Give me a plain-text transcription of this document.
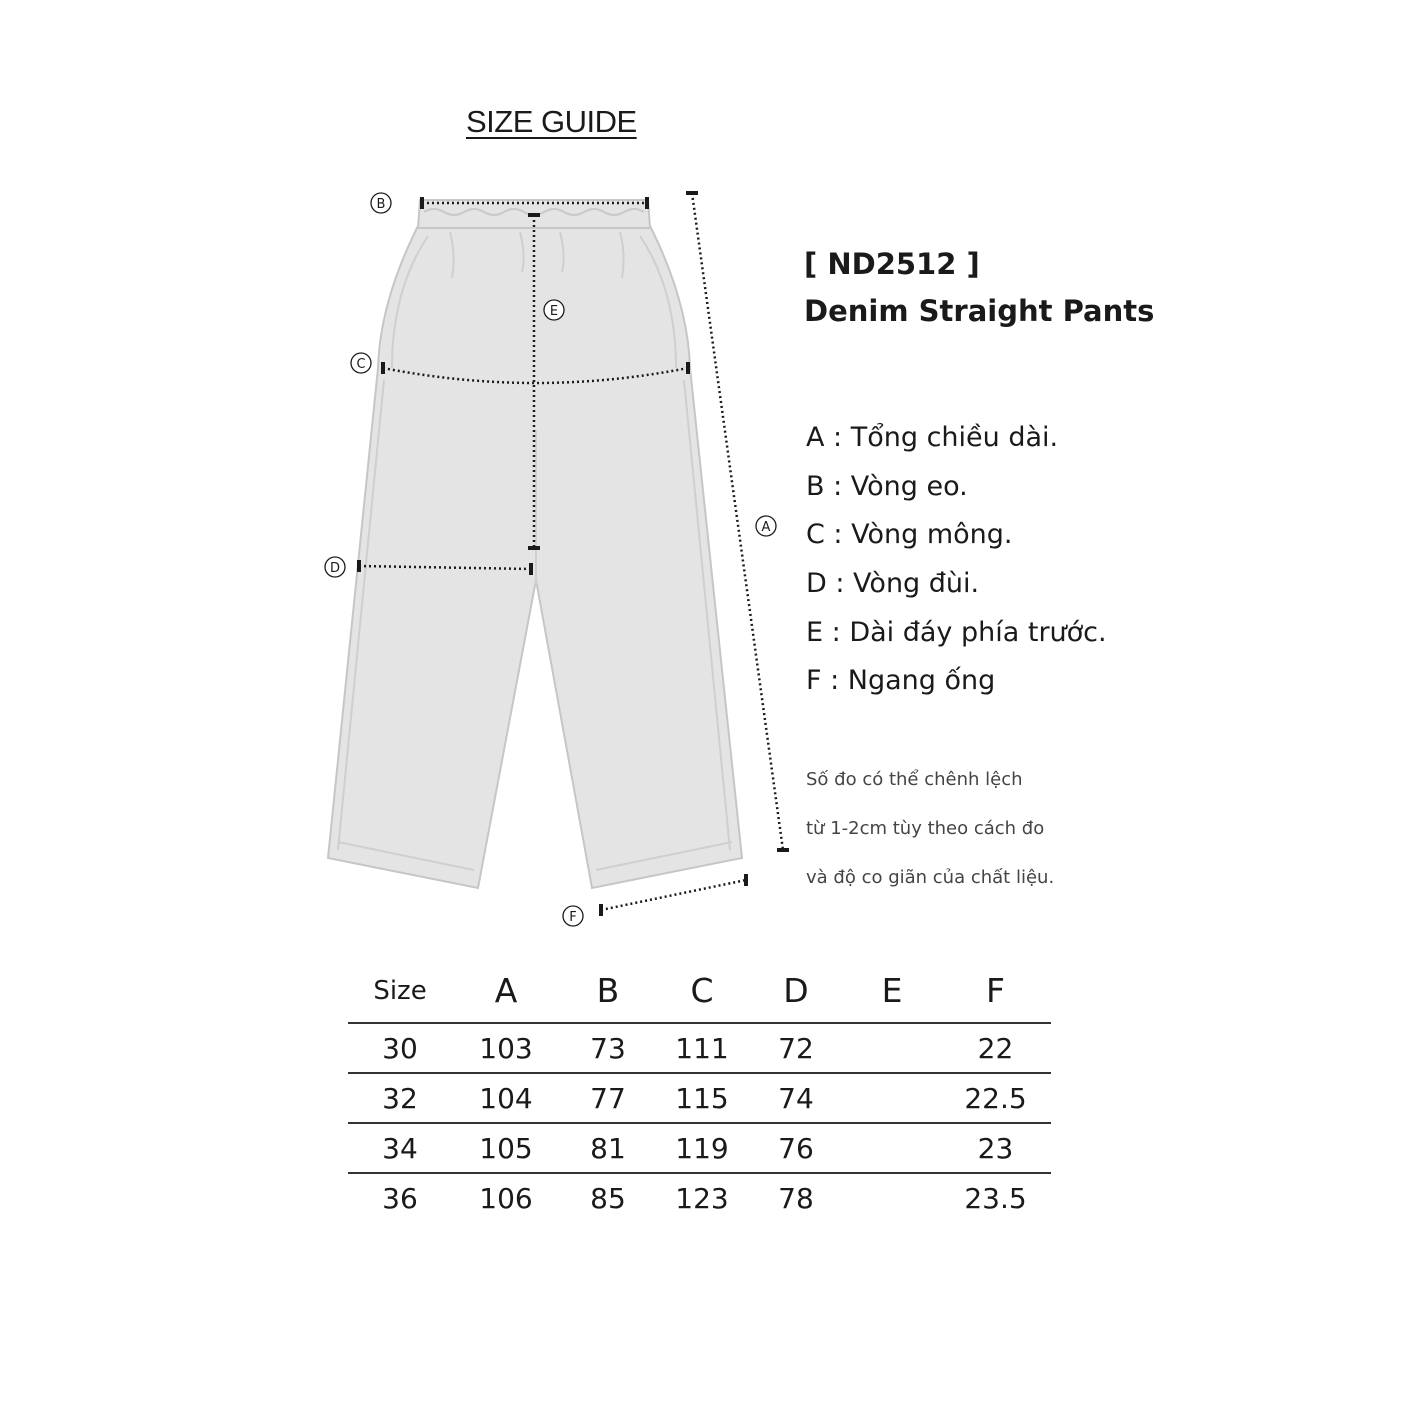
SIZE GUIDE
A
B
C
D
E
F
[ ND2512 ]
Denim Straight Pants
A : Tổng chiều dài.
B : Vòng eo.
C : Vòng mông.
D : Vòng đùi.
E : Dài đáy phía trước.
F : Ngang ống
Số đo có thể chênh lệch
từ 1-2cm tùy theo cách đo
và độ co giãn của chất liệu.
Size	A	B	C	D	E	F
30	103	73	111	72		22
32	104	77	115	74		22.5
34	105	81	119	76		23
36	106	85	123	78		23.5
